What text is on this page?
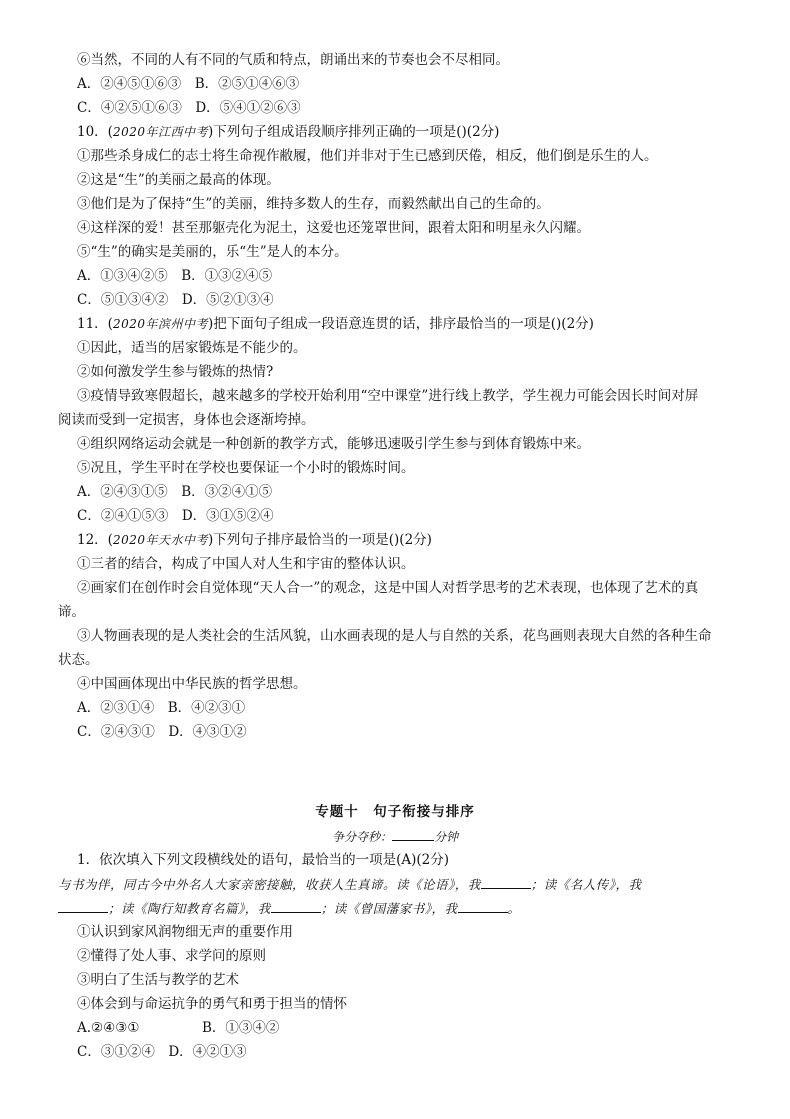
⑥当然，不同的人有不同的气质和特点，朗诵出来的节奏也会不尽相同。
A．②④⑤①⑥③　B．②⑤①④⑥③
C．④②⑤①⑥③　D．⑤④①②⑥③
10．(2020年江西中考)下列句子组成语段顺序排列正确的一项是()(2分)
①那些杀身成仁的志士将生命视作敝履，他们并非对于生已感到厌倦，相反，他们倒是乐生的人。
②这是“生”的美丽之最高的体现。
③他们是为了保持“生”的美丽，维持多数人的生存，而毅然献出自己的生命的。
④这样深的爱！甚至那躯壳化为泥土，这爱也还笼罩世间，跟着太阳和明星永久闪耀。
⑤“生”的确实是美丽的，乐“生”是人的本分。
A．①③④②⑤　B．①③②④⑤
C．⑤①③④②　D．⑤②①③④
11．(2020年滨州中考)把下面句子组成一段语意连贯的话，排序最恰当的一项是()(2分)
①因此，适当的居家锻炼是不能少的。
②如何激发学生参与锻炼的热情?
③疫情导致寒假超长，越来越多的学校开始利用“空中课堂”进行线上教学，学生视力可能会因长时间对屏
阅读而受到一定损害，身体也会逐渐垮掉。
④组织网络运动会就是一种创新的教学方式，能够迅速吸引学生参与到体育锻炼中来。
⑤况且，学生平时在学校也要保证一个小时的锻炼时间。
A．②④③①⑤　B．③②④①⑤
C．②④①⑤③　D．③①⑤②④
12．(2020年天水中考)下列句子排序最恰当的一项是()(2分)
①三者的结合，构成了中国人对人生和宇宙的整体认识。
②画家们在创作时会自觉体现“天人合一”的观念，这是中国人对哲学思考的艺术表现，也体现了艺术的真
谛。
③人物画表现的是人类社会的生活风貌，山水画表现的是人与自然的关系，花鸟画则表现大自然的各种生命
状态。
④中国画体现出中华民族的哲学思想。
A．②③①④　B．④②③①
C．②④③①　D．④③①②
专题十　句子衔接与排序
争分夺秒：	分钟
1．依次填入下列文段横线处的语句，最恰当的一项是(A)(2分)
与书为伴，同古今中外名人大家亲密接触，收获人生真谛。读《论语》，我	；读《名人传》，我
；读《陶行知教育名篇》，我	；读《曾国藩家书》，我	。
①认识到家风润物细无声的重要作用
②懂得了处人事、求学问的原则
③明白了生活与教学的艺术
④体会到与命运抗争的勇气和勇于担当的情怀
A.②④③①	B．①③④②
C．③①②④　D．④②①③
